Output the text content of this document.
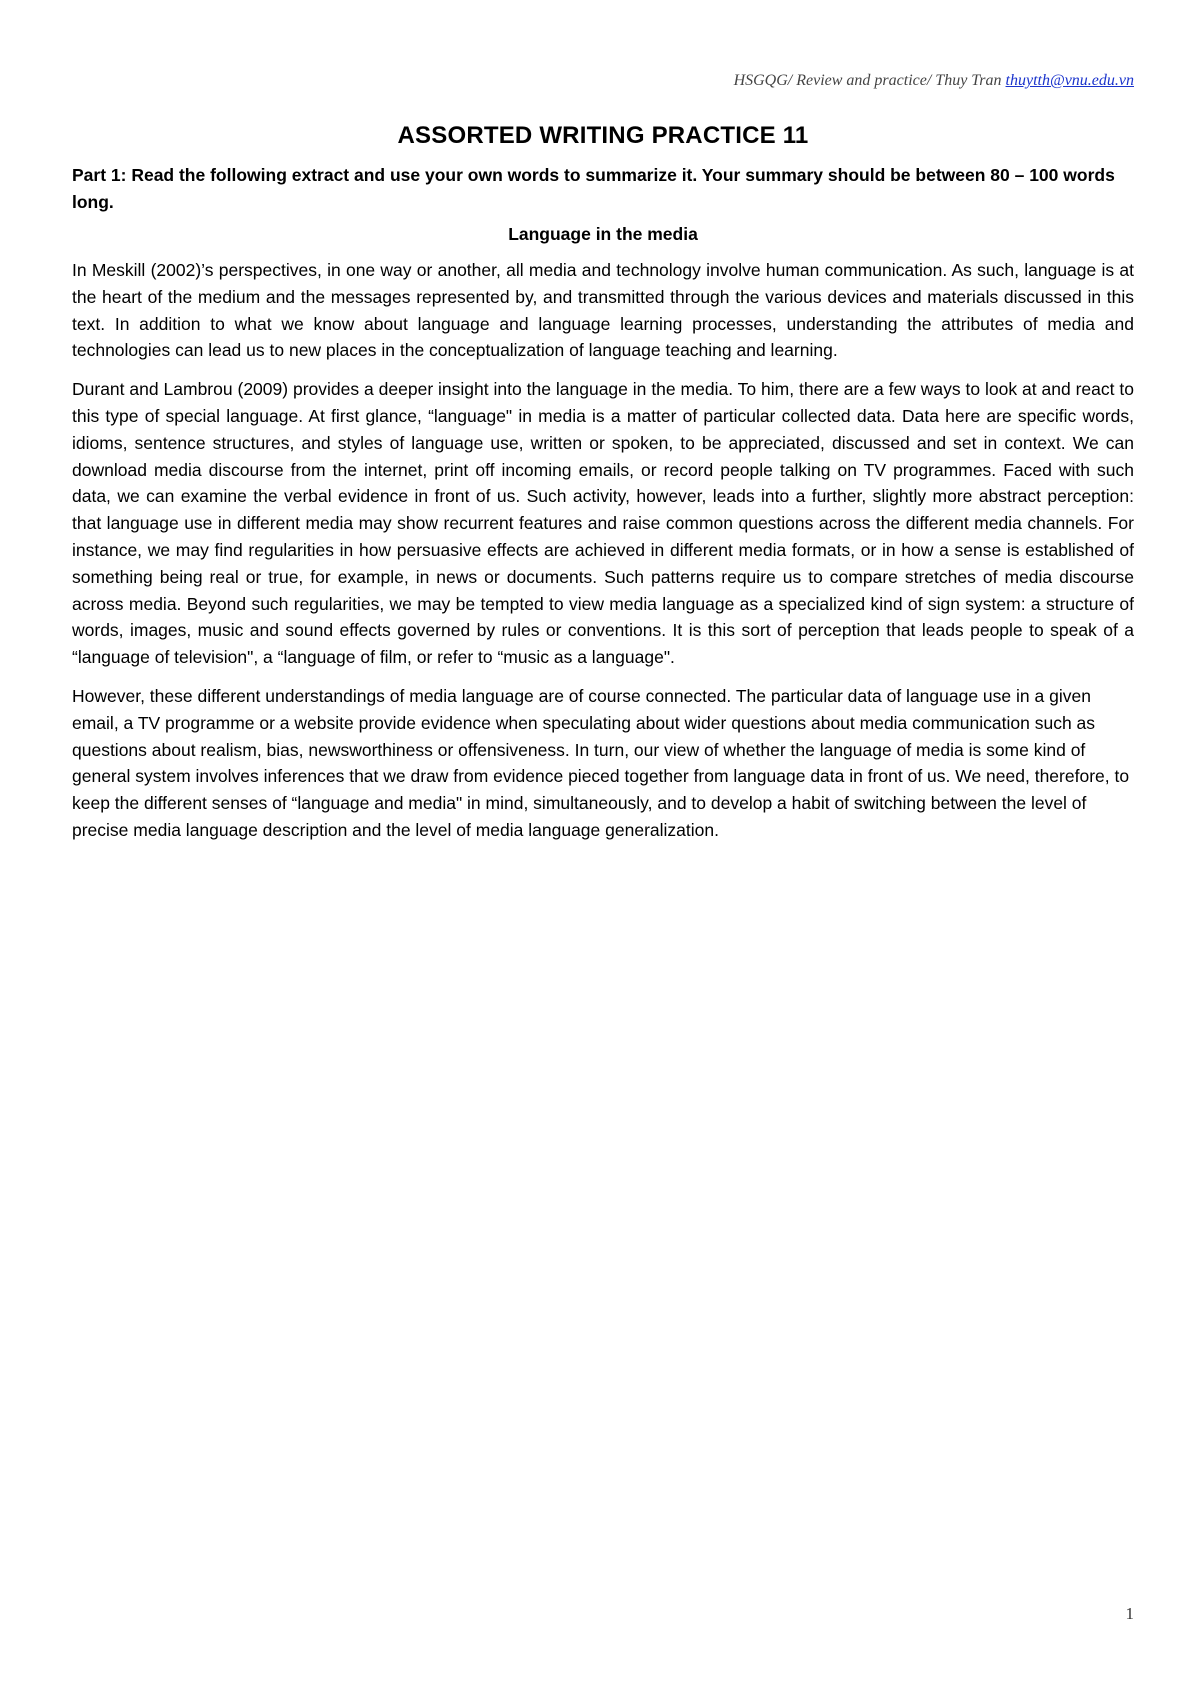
HSGQG/ Review and practice/ Thuy Tran thuytth@vnu.edu.vn
ASSORTED WRITING PRACTICE 11

Part 1: Read the following extract and use your own words to summarize it. Your summary should be between 80 – 100 words long.

Language in the media

In Meskill (2002)’s perspectives, in one way or another, all media and technology involve human communication. As such, language is at the heart of the medium and the messages represented by, and transmitted through the various devices and materials discussed in this text. In addition to what we know about language and language learning processes, understanding the attributes of media and technologies can lead us to new places in the conceptualization of language teaching and learning.

Durant and Lambrou (2009) provides a deeper insight into the language in the media. To him, there are a few ways to look at and react to this type of special language. At first glance, “language" in media is a matter of particular collected data. Data here are specific words, idioms, sentence structures, and styles of language use, written or spoken, to be appreciated, discussed and set in context. We can download media discourse from the internet, print off incoming emails, or record people talking on TV programmes. Faced with such data, we can examine the verbal evidence in front of us. Such activity, however, leads into a further, slightly more abstract perception: that language use in different media may show recurrent features and raise common questions across the different media channels. For instance, we may find regularities in how persuasive effects are achieved in different media formats, or in how a sense is established of something being real or true, for example, in news or documents. Such patterns require us to compare stretches of media discourse across media. Beyond such regularities, we may be tempted to view media language as a specialized kind of sign system: a structure of words, images, music and sound effects governed by rules or conventions. It is this sort of perception that leads people to speak of a “language of television", a “language of film, or refer to “music as a language".

However, these different understandings of media language are of course connected. The particular data of language use in a given email, a TV programme or a website provide evidence when speculating about wider questions about media communication such as questions about realism, bias, newsworthiness or offensiveness. In turn, our view of whether the language of media is some kind of general system involves inferences that we draw from evidence pieced together from language data in front of us. We need, therefore, to keep the different senses of “language and media" in mind, simultaneously, and to develop a habit of switching between the level of precise media language description and the level of media language generalization.

1
